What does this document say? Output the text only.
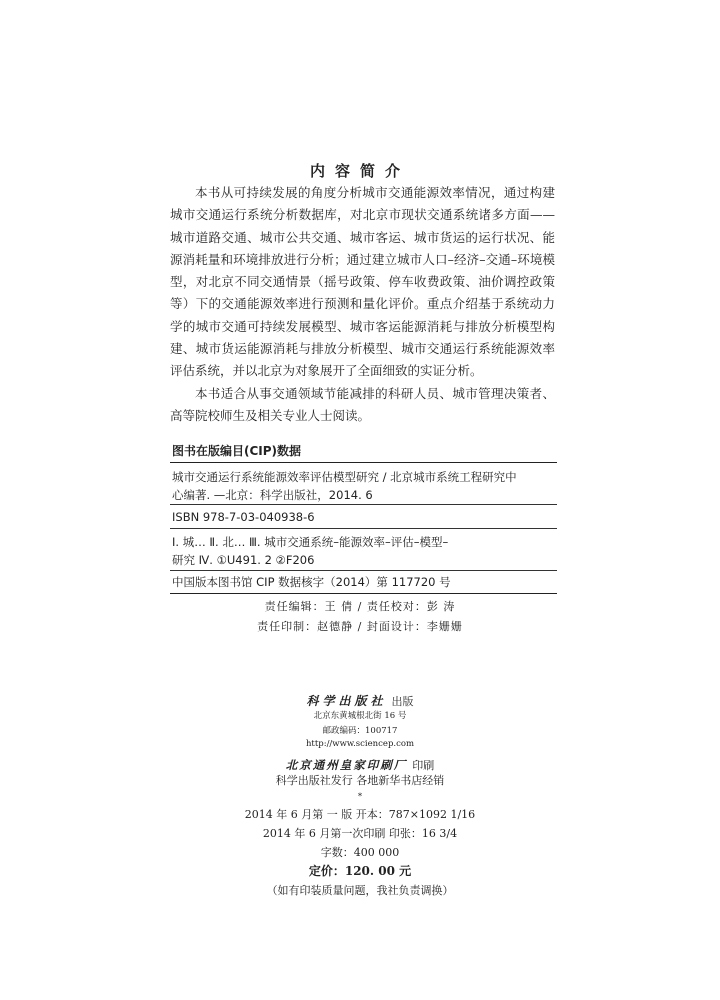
内容简介

本书从可持续发展的角度分析城市交通能源效率情况，通过构建城市交通运行系统分析数据库，对北京市现状交通系统诸多方面——城市道路交通、城市公共交通、城市客运、城市货运的运行状况、能源消耗量和环境排放进行分析；通过建立城市人口–经济–交通–环境模型，对北京不同交通情景（摇号政策、停车收费政策、油价调控政策等）下的交通能源效率进行预测和量化评价。重点介绍基于系统动力学的城市交通可持续发展模型、城市客运能源消耗与排放分析模型构建、城市货运能源消耗与排放分析模型、城市交通运行系统能源效率评估系统，并以北京为对象展开了全面细致的实证分析。

本书适合从事交通领域节能减排的科研人员、城市管理决策者、高等院校师生及相关专业人士阅读。

图书在版编目(CIP)数据
城市交通运行系统能源效率评估模型研究 / 北京城市系统工程研究中
心编著. —北京：科学出版社，2014. 6
ISBN 978-7-03-040938-6
Ⅰ. 城… Ⅱ. 北… Ⅲ. 城市交通系统–能源效率–评估–模型–
研究 Ⅳ. ①U491. 2 ②F206
中国版本图书馆 CIP 数据核字（2014）第 117720 号
责任编辑：王 倩 / 责任校对：彭 涛
责任印制：赵德静 / 封面设计：李姗姗
科学出版社 出版
北京东黄城根北街 16 号
邮政编码：100717
http://www.sciencep.com
北京通州皇家印刷厂 印刷
科学出版社发行 各地新华书店经销
*
2014 年 6 月第 一 版 开本：787×1092 1/16
2014 年 6 月第一次印刷 印张：16 3/4
字数：400 000
定价：120. 00 元
（如有印装质量问题，我社负责调换）
